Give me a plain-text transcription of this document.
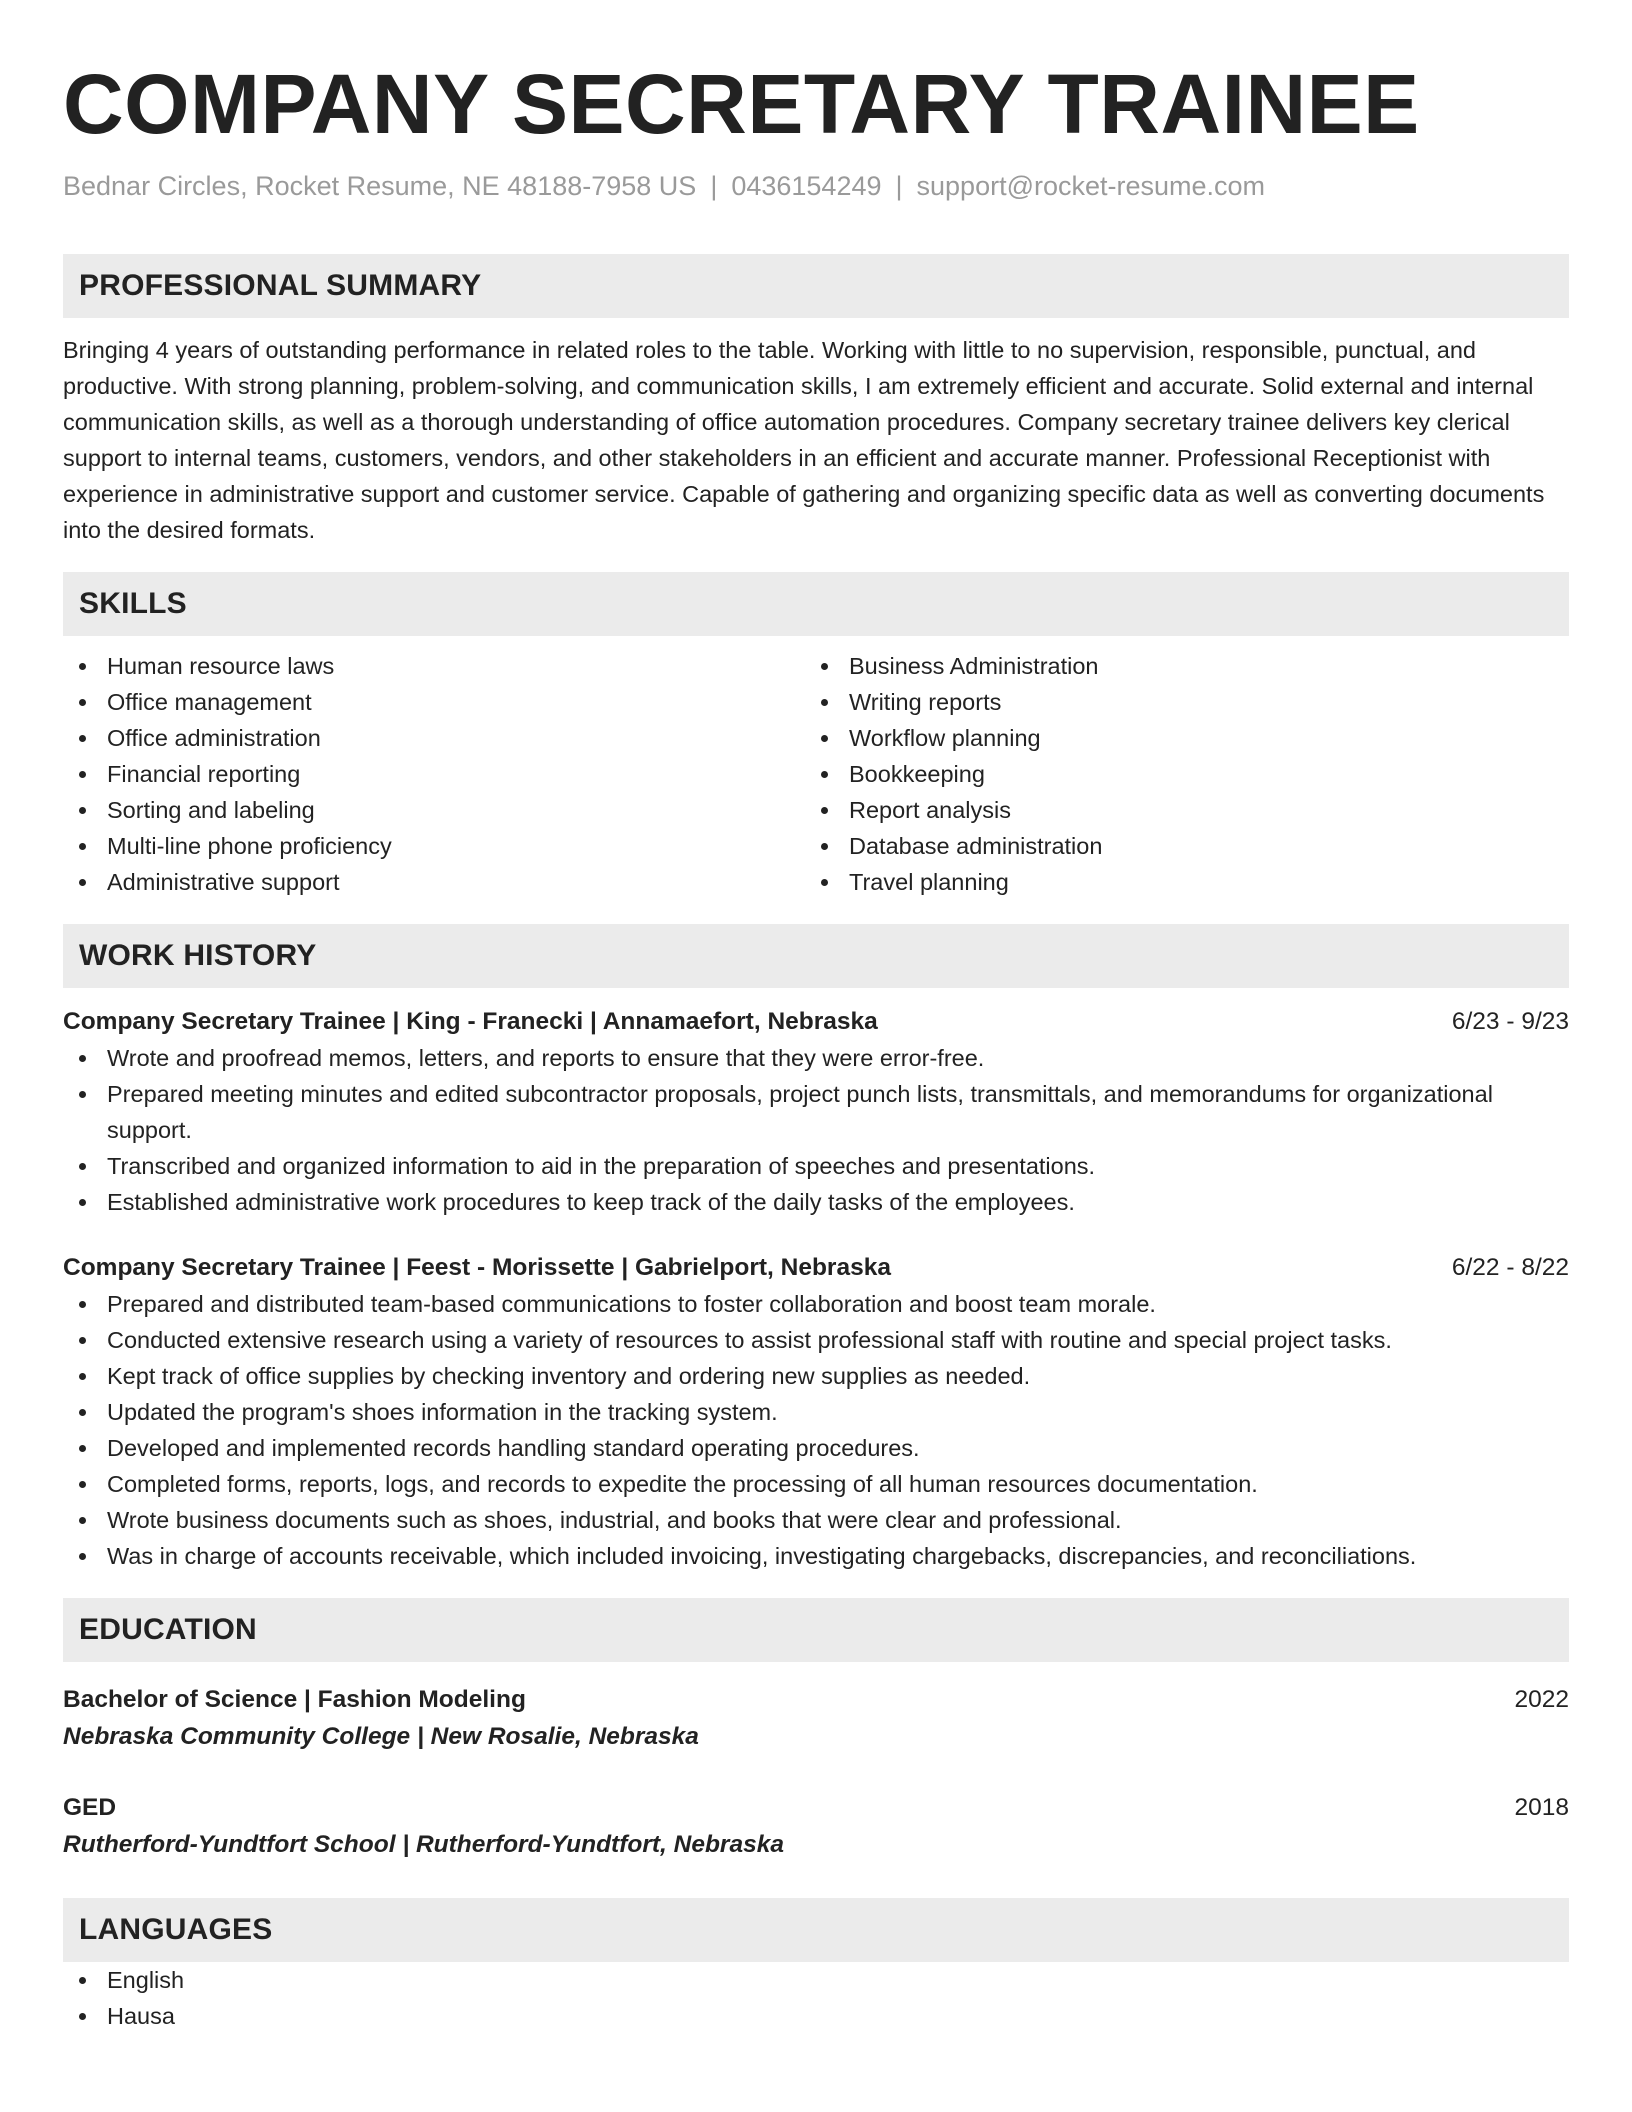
COMPANY SECRETARY TRAINEE
Bednar Circles, Rocket Resume, NE 48188-7958 US | 0436154249 | support@rocket-resume.com
PROFESSIONAL SUMMARY

Bringing 4 years of outstanding performance in related roles to the table. Working with little to no supervision, responsible, punctual, and productive. With strong planning, problem-solving, and communication skills, I am extremely efficient and accurate. Solid external and internal communication skills, as well as a thorough understanding of office automation procedures. Company secretary trainee delivers key clerical support to internal teams, customers, vendors, and other stakeholders in an efficient and accurate manner. Professional Receptionist with experience in administrative support and customer service. Capable of gathering and organizing specific data as well as converting documents into the desired formats.

SKILLS
Human resource laws
Office management
Office administration
Financial reporting
Sorting and labeling
Multi-line phone proficiency
Administrative support
Business Administration
Writing reports
Workflow planning
Bookkeeping
Report analysis
Database administration
Travel planning
WORK HISTORY
Company Secretary Trainee | King - Franecki | Annamaefort, Nebraska	6/23 - 9/23
Wrote and proofread memos, letters, and reports to ensure that they were error-free.
Prepared meeting minutes and edited subcontractor proposals, project punch lists, transmittals, and memorandums for organizational support.
Transcribed and organized information to aid in the preparation of speeches and presentations.
Established administrative work procedures to keep track of the daily tasks of the employees.
Company Secretary Trainee | Feest - Morissette | Gabrielport, Nebraska	6/22 - 8/22
Prepared and distributed team-based communications to foster collaboration and boost team morale.
Conducted extensive research using a variety of resources to assist professional staff with routine and special project tasks.
Kept track of office supplies by checking inventory and ordering new supplies as needed.
Updated the program's shoes information in the tracking system.
Developed and implemented records handling standard operating procedures.
Completed forms, reports, logs, and records to expedite the processing of all human resources documentation.
Wrote business documents such as shoes, industrial, and books that were clear and professional.
Was in charge of accounts receivable, which included invoicing, investigating chargebacks, discrepancies, and reconciliations.
EDUCATION
Bachelor of Science | Fashion Modeling	2022
Nebraska Community College | New Rosalie, Nebraska
GED	2018
Rutherford-Yundtfort School | Rutherford-Yundtfort, Nebraska
LANGUAGES
English
Hausa
